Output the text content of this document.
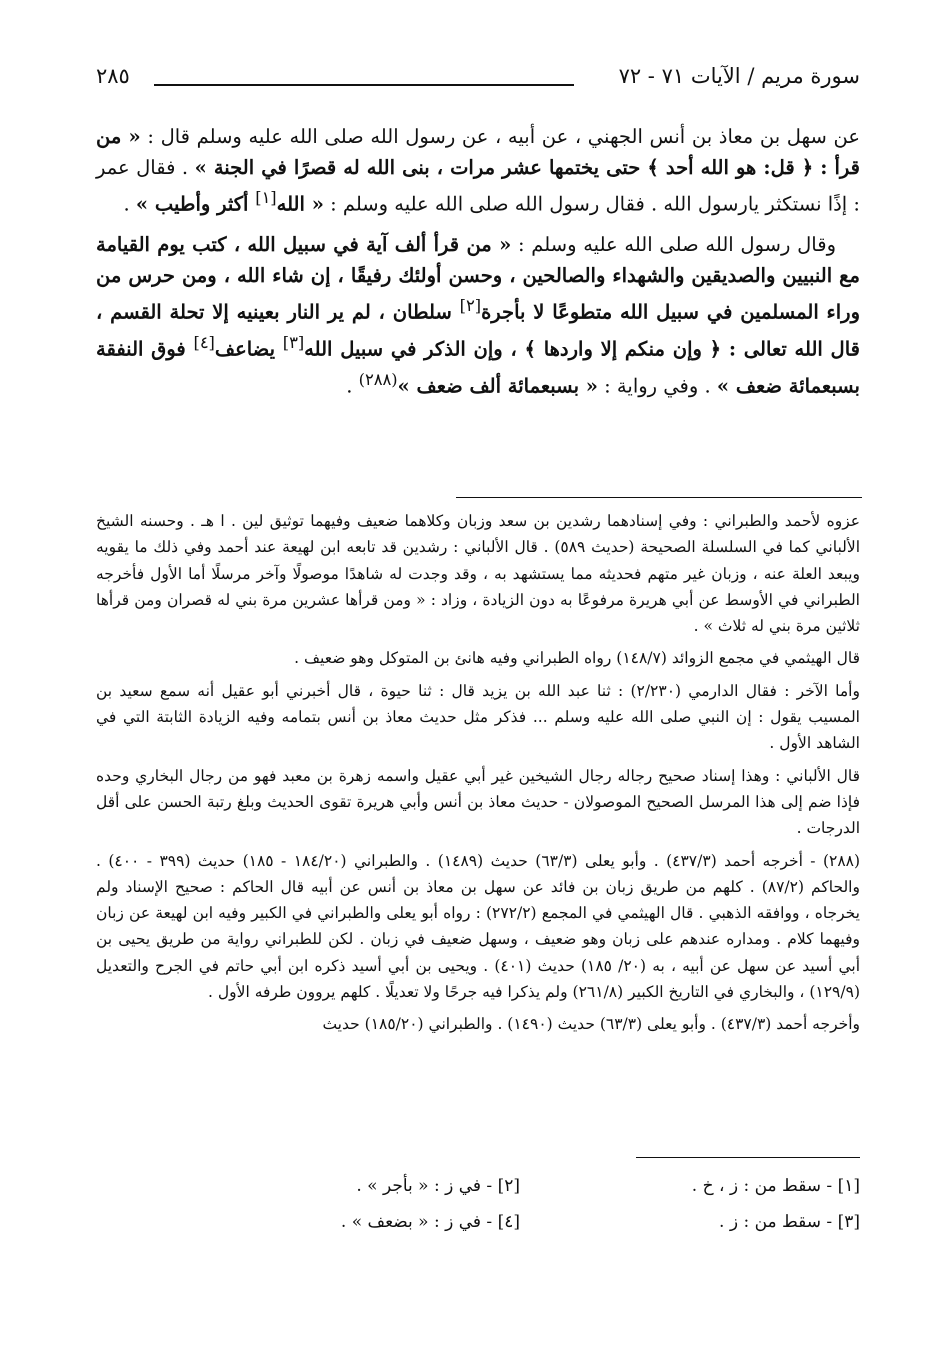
سورة مريم / الآيات ٧١ - ٧٢
٢٨٥

عن سهل بن معاذ بن أنس الجهني ، عن أبيه ، عن رسول الله صلى الله عليه وسلم قال : « من قرأ : ﴿ قل: هو الله أحد ﴾ حتى يختمها عشر مرات ، بنى الله له قصرًا في الجنة » . فقال عمر : إذًا نستكثر يارسول الله . فقال رسول الله صلى الله عليه وسلم : « الله[١] أكثر وأطيب » .

وقال رسول الله صلى الله عليه وسلم : « من قرأ ألف آية في سبيل الله ، كتب يوم القيامة مع النبيين والصديقين والشهداء والصالحين ، وحسن أولئك رفيقًا ، إن شاء الله ، ومن حرس من وراء المسلمين في سبيل الله متطوعًا لا بأجرة[٢] سلطان ، لم ير النار بعينيه إلا تحلة القسم ، قال الله تعالى : ﴿ وإن منكم إلا واردها ﴾ ، وإن الذكر في سبيل الله[٣] يضاعف[٤] فوق النفقة بسبعمائة ضعف » . وفي رواية : « بسبعمائة ألف ضعف »$^{(٢٨٨)}$ .

عزوه لأحمد والطبراني : وفي إسنادهما رشدين بن سعد وزبان وكلاهما ضعيف وفيهما توثيق لين . ا هـ . وحسنه الشيخ الألباني كما في السلسلة الصحيحة (حديث ٥٨٩) . قال الألباني : رشدين قد تابعه ابن لهيعة عند أحمد وفي ذلك ما يقويه ويبعد العلة عنه ، وزبان غير متهم فحديثه مما يستشهد به ، وقد وجدت له شاهدًا موصولًا وآخر مرسلًا أما الأول فأخرجه الطبراني في الأوسط عن أبي هريرة مرفوعًا به دون الزيادة ، وزاد : « ومن قرأها عشرين مرة بني له قصران ومن قرأها ثلاثين مرة بني له ثلاث » .

قال الهيثمي في مجمع الزوائد (١٤٨/٧) رواه الطبراني وفيه هانئ بن المتوكل وهو ضعيف .

وأما الآخر : فقال الدارمي (٢/٢٣٠) : ثنا عبد الله بن يزيد قال : ثنا حيوة ، قال أخبرني أبو عقيل أنه سمع سعيد بن المسيب يقول : إن النبي صلى الله عليه وسلم ... فذكر مثل حديث معاذ بن أنس بتمامه وفيه الزيادة الثابتة التي في الشاهد الأول .

قال الألباني : وهذا إسناد صحيح رجاله رجال الشيخين غير أبي عقيل واسمه زهرة بن معبد فهو من رجال البخاري وحده فإذا ضم إلى هذا المرسل الصحيح الموصولان - حديث معاذ بن أنس وأبي هريرة تقوى الحديث وبلغ رتبة الحسن على أقل الدرجات .

(٢٨٨) - أخرجه أحمد (٤٣٧/٣) . وأبو يعلى (٦٣/٣) حديث (١٤٨٩) . والطبراني (١٨٤/٢٠ - ١٨٥) حديث (٣٩٩ - ٤٠٠) . والحاكم (٨٧/٢) . كلهم من طريق زبان بن فائد عن سهل بن معاذ بن أنس عن أبيه قال الحاكم : صحيح الإسناد ولم يخرجاه ، ووافقه الذهبي . قال الهيثمي في المجمع (٢٧٢/٢) : رواه أبو يعلى والطبراني في الكبير وفيه ابن لهيعة عن زبان وفيهما كلام . ومداره عندهم على زبان وهو ضعيف ، وسهل ضعيف في زبان . لكن للطبراني رواية من طريق يحيى بن أبي أسيد عن سهل عن أبيه ، به (٢٠/ ١٨٥) حديث (٤٠١) . ويحيى بن أبي أسيد ذكره ابن أبي حاتم في الجرح والتعديل (١٢٩/٩) ، والبخاري في التاريخ الكبير (٢٦١/٨) ولم يذكرا فيه جرحًا ولا تعديلًا . كلهم يروون طرفه الأول .

وأخرجه أحمد (٤٣٧/٣) . وأبو يعلى (٦٣/٣) حديث (١٤٩٠) . والطبراني (١٨٥/٢٠) حديث

[١] - سقط من : ز ، خ .
[٢] - في ز : « بأجر » .
[٣] - سقط من : ز .
[٤] - في ز : « بضعف » .
